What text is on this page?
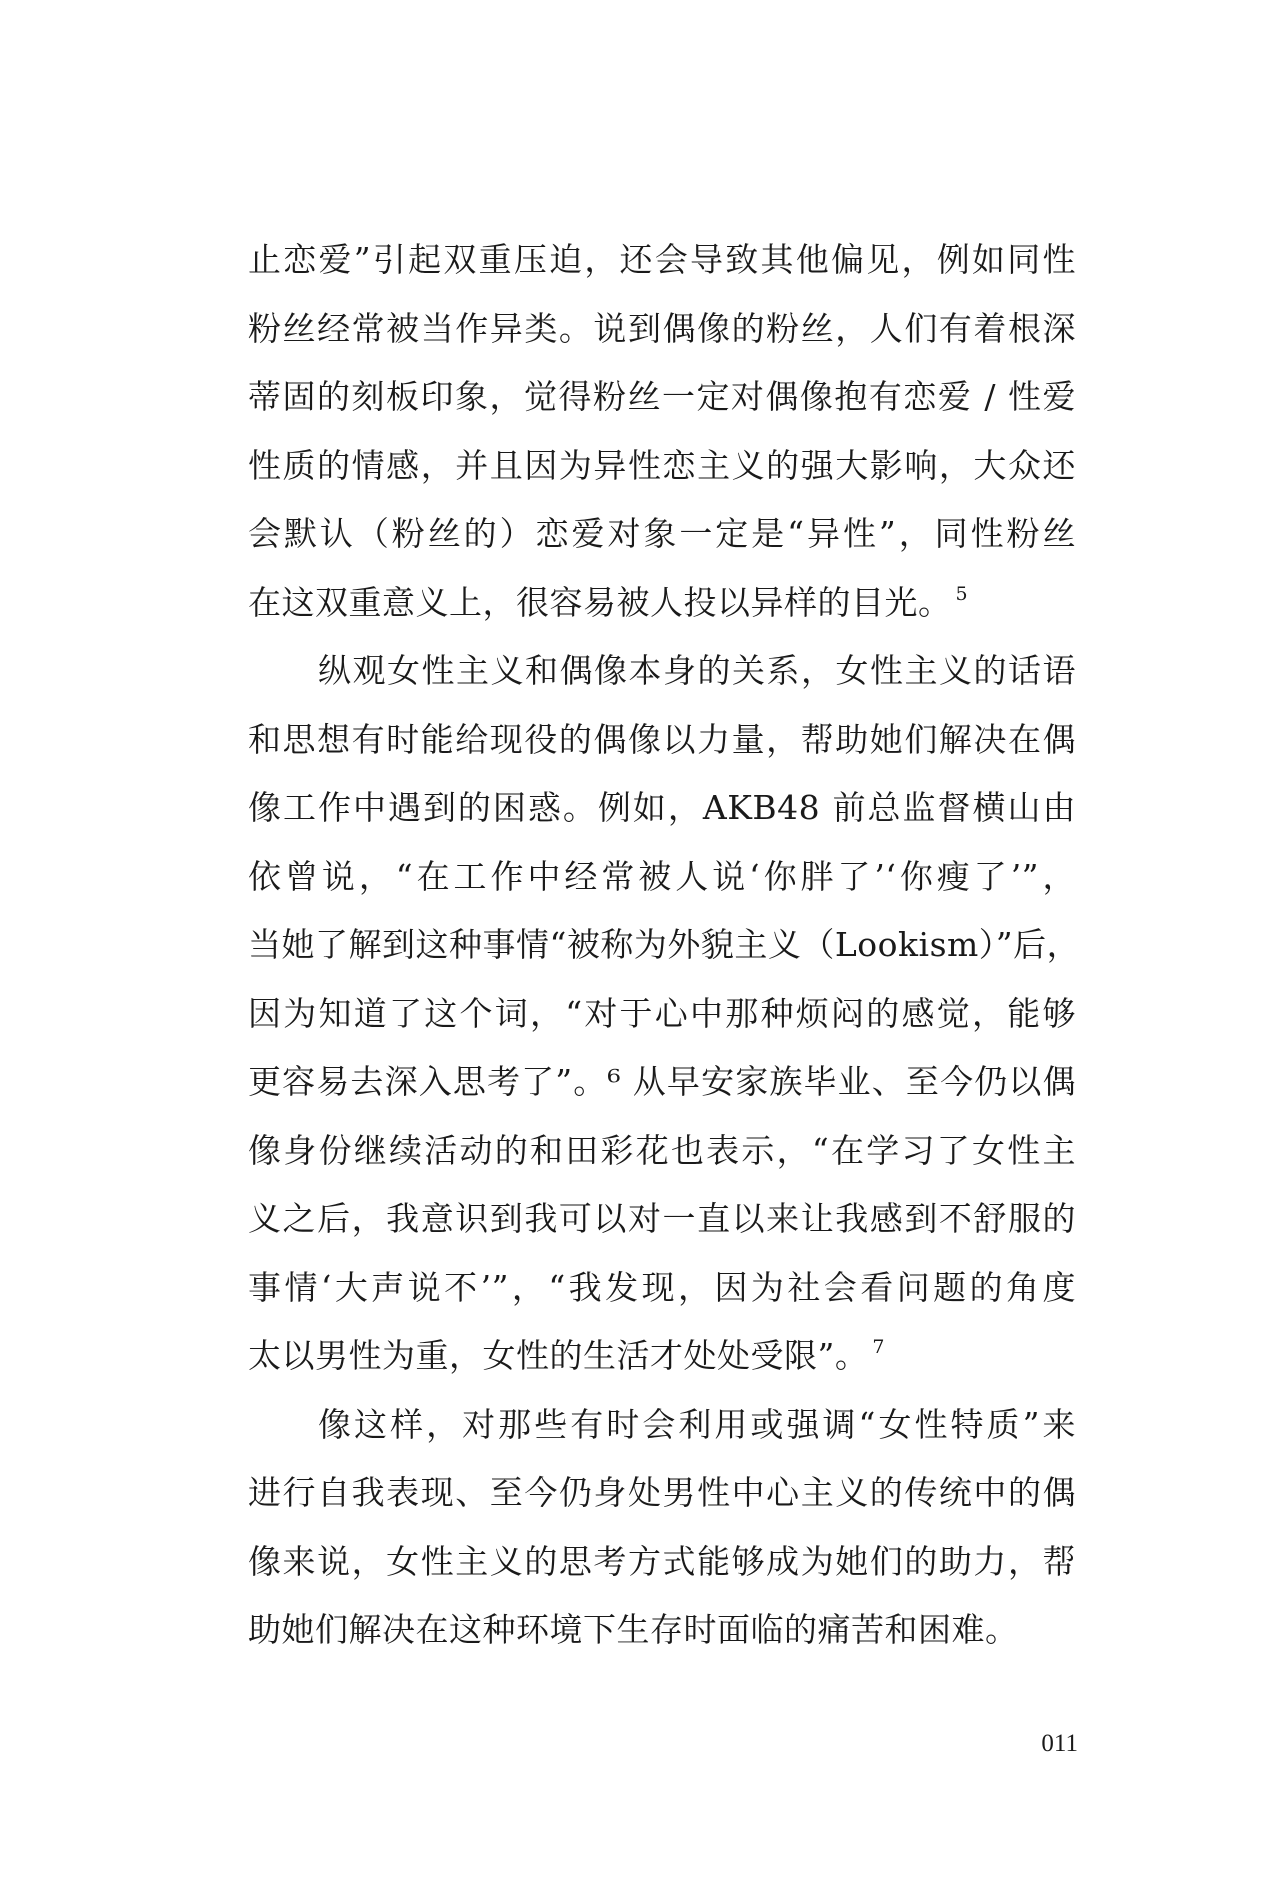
止恋爱”引起双重压迫，还会导致其他偏见，例如同性
粉丝经常被当作异类。说到偶像的粉丝，人们有着根深
蒂固的刻板印象，觉得粉丝一定对偶像抱有恋爱 / 性爱
性质的情感，并且因为异性恋主义的强大影响，大众还
会默认（粉丝的）恋爱对象一定是“异性”，同性粉丝
在这双重意义上，很容易被人投以异样的目光。 $^5$
纵观女性主义和偶像本身的关系，女性主义的话语
和思想有时能给现役的偶像以力量，帮助她们解决在偶
像工作中遇到的困惑。例如，AKB48 前总监督横山由
依曾说，“在工作中经常被人说‘你胖了’‘你瘦了’”，
当她了解到这种事情“被称为外貌主义（Lookism）”后，
因为知道了这个词，“对于心中那种烦闷的感觉，能够
更容易去深入思考了”。⁶ 从早安家族毕业、至今仍以偶
像身份继续活动的和田彩花也表示，“在学习了女性主
义之后，我意识到我可以对一直以来让我感到不舒服的
事情‘大声说不’”，“我发现，因为社会看问题的角度
太以男性为重，女性的生活才处处受限”。 $^7$
像这样，对那些有时会利用或强调“女性特质”来
进行自我表现、至今仍身处男性中心主义的传统中的偶
像来说，女性主义的思考方式能够成为她们的助力，帮
助她们解决在这种环境下生存时面临的痛苦和困难。
011
